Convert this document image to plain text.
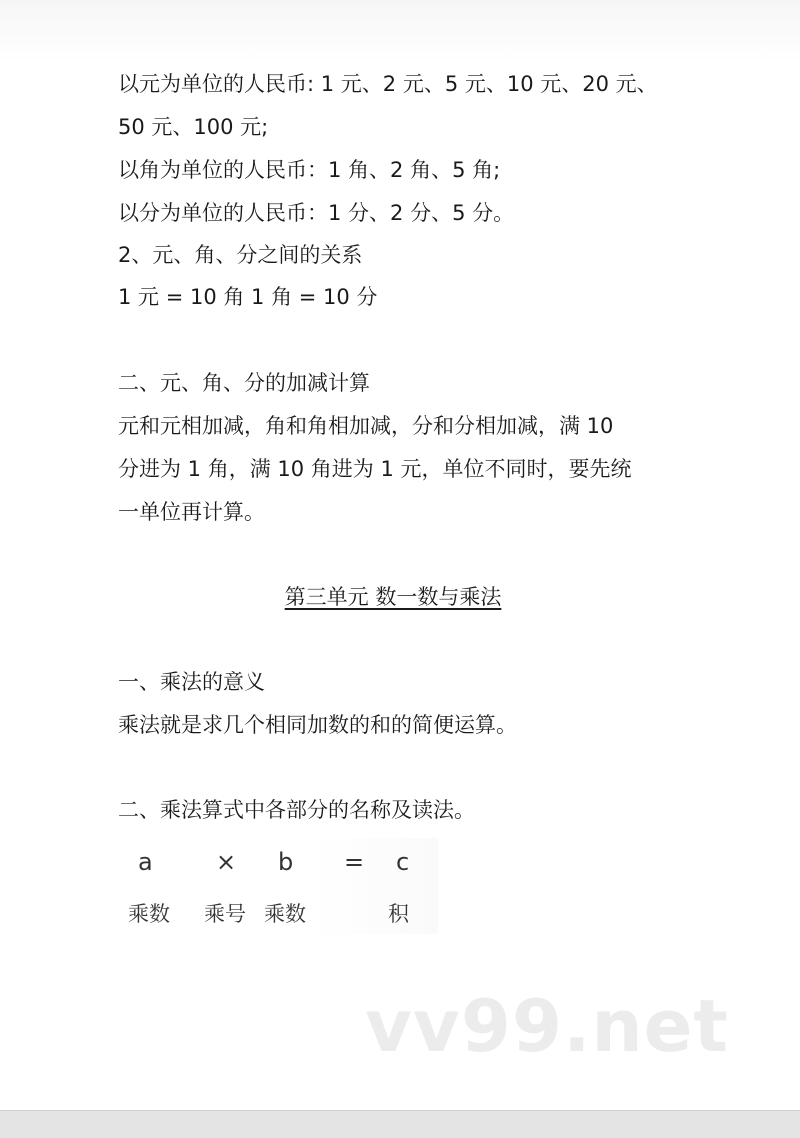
以元为单位的人民币: 1 元、2 元、5 元、10 元、20 元、
50 元、100 元;
以角为单位的人民币：1 角、2 角、5 角;
以分为单位的人民币：1 分、2 分、5 分。
2、元、角、分之间的关系
1 元 = 10 角 1 角 = 10 分
二、元、角、分的加减计算
元和元相加减，角和角相加减，分和分相加减，满 10
分进为 1 角，满 10 角进为 1 元，单位不同时，要先统
一单位再计算。
第三单元 数一数与乘法
一、乘法的意义
乘法就是求几个相同加数的和的简便运算。
二、乘法算式中各部分的名称及读法。
a	× b = c
乘数 乘号 乘数	积
vv99.net
